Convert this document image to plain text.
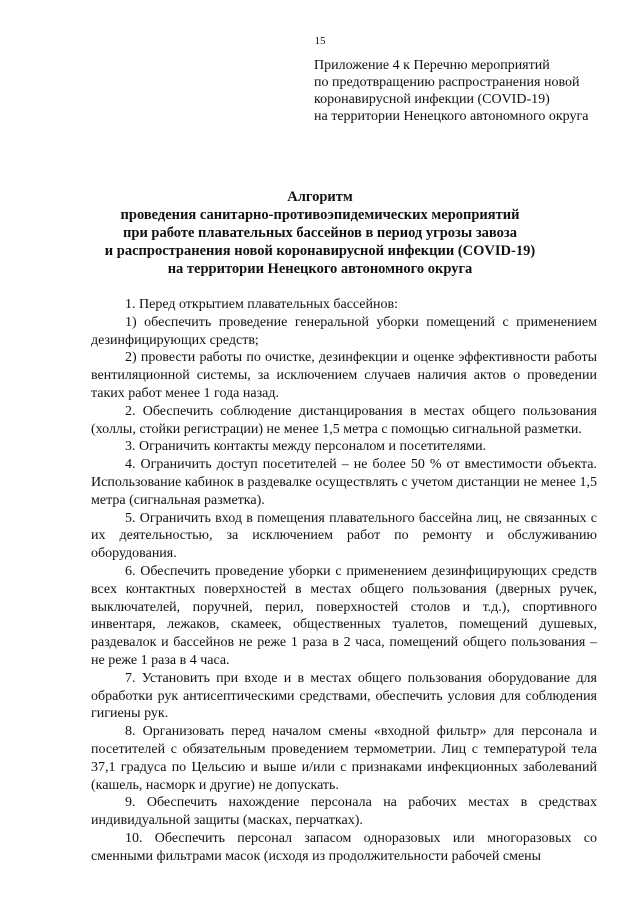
15
Приложение 4 к Перечню мероприятий
по предотвращению распространения новой
коронавирусной инфекции (COVID-19)
на территории Ненецкого автономного округа
Алгоритм
проведения санитарно-противоэпидемических мероприятий
при работе плавательных бассейнов в период угрозы завоза
и распространения новой коронавирусной инфекции (COVID-19)
на территории Ненецкого автономного округа

1. Перед открытием плавательных бассейнов:

1) обеспечить проведение генеральной уборки помещений с применением дезинфицирующих средств;

2) провести работы по очистке, дезинфекции и оценке эффективности работы вентиляционной системы, за исключением случаев наличия актов о проведении таких работ менее 1 года назад.

2. Обеспечить соблюдение дистанцирования в местах общего пользования (холлы, стойки регистрации) не менее 1,5 метра с помощью сигнальной разметки.

3. Ограничить контакты между персоналом и посетителями.

4. Ограничить доступ посетителей – не более 50 % от вместимости объекта. Использование кабинок в раздевалке осуществлять с учетом дистанции не менее 1,5 метра (сигнальная разметка).

5. Ограничить вход в помещения плавательного бассейна лиц, не связанных с их деятельностью, за исключением работ по ремонту и обслуживанию оборудования.

6. Обеспечить проведение уборки с применением дезинфицирующих средств всех контактных поверхностей в местах общего пользования (дверных ручек, выключателей, поручней, перил, поверхностей столов и т.д.), спортивного инвентаря, лежаков, скамеек, общественных туалетов, помещений душевых, раздевалок и бассейнов не реже 1 раза в 2 часа, помещений общего пользования – не реже 1 раза в 4 часа.

7. Установить при входе и в местах общего пользования оборудование для обработки рук антисептическими средствами, обеспечить условия для соблюдения гигиены рук.

8. Организовать перед началом смены «входной фильтр» для персонала и посетителей с обязательным проведением термометрии. Лиц с температурой тела 37,1 градуса по Цельсию и выше и/или с признаками инфекционных заболеваний (кашель, насморк и другие) не допускать.

9. Обеспечить нахождение персонала на рабочих местах в средствах индивидуальной защиты (масках, перчатках).

10. Обеспечить персонал запасом одноразовых или многоразовых со сменными фильтрами масок (исходя из продолжительности рабочей смены
